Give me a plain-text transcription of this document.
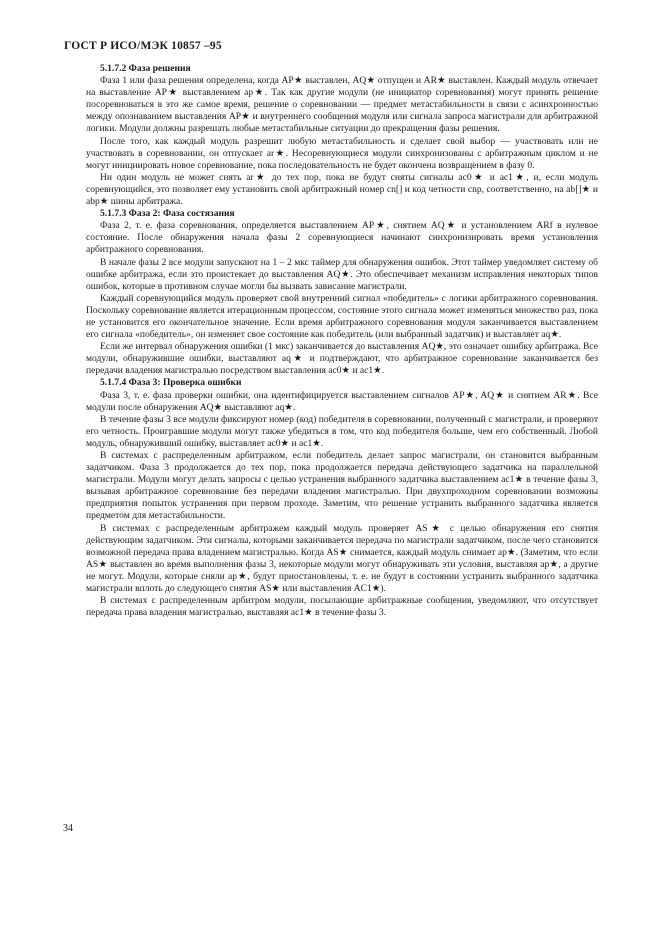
ГОСТ Р ИСО/МЭК 10857 –95

5.1.7.2 Фаза решения

Фаза 1 или фаза решения определена, когда AP★ выставлен, AQ★ отпущен и AR★ выставлен. Каждый модуль отвечает на выставление AP★ выставлением ap★. Так как другие модули (не инициатор соревнования) могут принять решение посоревноваться в это же самое время, решение о соревновании — предмет метастабильности в связи с асинхронностью между опознаванием выставления AP★ и внутреннего сообщения модуля или сигнала запроса магистрали для арбитражной логики. Модули должны разрешать любые метастабильные ситуации до прекращения фазы решения.

После того, как каждый модуль разрешит любую метастабильность и сделает свой выбор — участвовать или не участвовать в соревновании, он отпускает ar★. Несоревнующиеся модули синхронизованы с арбитражным циклом и не могут инициировать новое соревнование, пока последовательность не будет окончена возвращением в фазу 0.

Ни один модуль не может снять ar★ до тех пор, пока не будут сняты сигналы ac0★ и ac1★, и, если модуль соревнующийся, это позволяет ему установить свой арбитражный номер cn[] и код четности cnp, соответственно, на ab[]★ и abp★ шины арбитража.

5.1.7.3 Фаза 2: Фаза состязания

Фаза 2, т. е. фаза соревнования, определяется выставлением AP★, снятием AQ★ и установлением ARf в нулевое состояние. После обнаружения начала фазы 2 соревнующиеся начинают синхронизировать время установления арбитражного соревнования.

В начале фазы 2 все модули запускают на 1 – 2 мкс таймер для обнаружения ошибок. Этот таймер уведомляет систему об ошибке арбитража, если это проистекает до выставления AQ★. Это обеспечивает механизм исправления некоторых типов ошибок, которые в противном случае могли бы вызвать зависание магистрали.

Каждый соревнующийся модуль проверяет свой внутренний сигнал «победитель» с логики арбитражного соревнования. Поскольку соревнование является итерационным процессом, состояние этого сигнала может изменяться множество раз, пока не установится его окончательное значение. Если время арбитражного соревнования модуля заканчивается выставлением его сигнала «победитель», он изменяет свое состояние как победитель (или выбранный задатчик) и выставляет aq★.

Если же интервал обнаружения ошибки (1 мкс) заканчивается до выставления AQ★, это означает ошибку арбитража. Все модули, обнаружившие ошибки, выставляют aq★ и подтверждают, что арбитражное соревнование заканчивается без передачи владения магистралью посредством выставления ac0★ и ac1★.

5.1.7.4 Фаза 3: Проверка ошибки

Фаза 3, т. е. фаза проверки ошибки, она идентифицируется выставлением сигналов AP★, AQ★ и снятием AR★. Все модули после обнаружения AQ★ выставляют aq★.

В течение фазы 3 все модули фиксируют номер (код) победителя в соревновании, полученный с магистрали, и проверяют его четность. Проигравшие модули могут также убедиться в том, что код победителя больше, чем его собственный. Любой модуль, обнаруживший ошибку, выставляет ac0★ и ac1★.

В системах с распределенным арбитражом, если победитель делает запрос магистрали, он становится выбранным задатчиком. Фаза 3 продолжается до тех пор, пока продолжается передача действующего задатчика на параллельной магистрали. Модули могут делать запросы с целью устранения выбранного задатчика выставлением ac1★ в течение фазы 3, вызывая арбитражное соревнование без передачи владения магистралью. При двухпроходном соревновании возможны предприятия попыток устранения при первом проходе. Заметим, что решение устранить выбранного задатчика является предметом для метастабильности.

В системах с распределенным арбитражем каждый модуль проверяет AS★ с целью обнаружения его снятия действующим задатчиком. Эти сигналы, которыми заканчивается передача по магистрали задатчиком, после чего становится возможной передача права владением магистралью. Когда AS★ снимается, каждый модуль снимает ap★. (Заметим, что если AS★ выставлен во время выполнения фазы 3, некоторые модули могут обнаруживать эти условия, выставляя ap★, а другие не могут. Модули, которые сняли ap★, будут приостановлены, т. е. не будут в состоянии устранить выбранного задатчика магистрали вплоть до следующего снятия AS★ или выставления AC1★).

В системах с распределенным арбитром модули, посылающие арбитражные сообщения, уведомляют, что отсутствует передача права владения магистралью, выставляя ac1★ в течение фазы 3.

34
